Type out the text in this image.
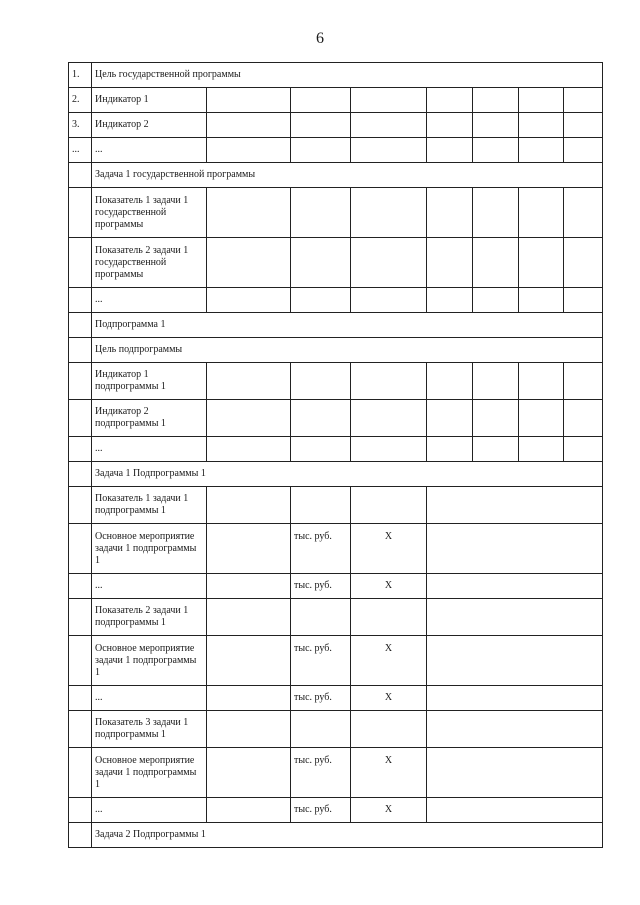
6
1.	Цель государственной программы							
2.	Индикатор 1							
3.	Индикатор 2							
...	...							
	Задача 1 государственной программы							
	Показатель 1 задачи 1 государственной программы							
	Показатель 2 задачи 1 государственной программы							
	...							
	Подпрограмма 1							
	Цель подпрограммы							
	Индикатор 1 подпрограммы 1							
	Индикатор 2 подпрограммы 1							
	...							
	Задача 1 Подпрограммы 1							
	Показатель 1 задачи 1 подпрограммы 1							
	Основное мероприятие задачи 1 подпрограммы 1		тыс. руб.	X				
	...		тыс. руб.	X				
	Показатель 2 задачи 1 подпрограммы 1							
	Основное мероприятие задачи 1 подпрограммы 1		тыс. руб.	X				
	...		тыс. руб.	X				
	Показатель 3 задачи 1 подпрограммы 1							
	Основное мероприятие задачи 1 подпрограммы 1		тыс. руб.	X				
	...		тыс. руб.	X				
	Задача 2 Подпрограммы 1							
